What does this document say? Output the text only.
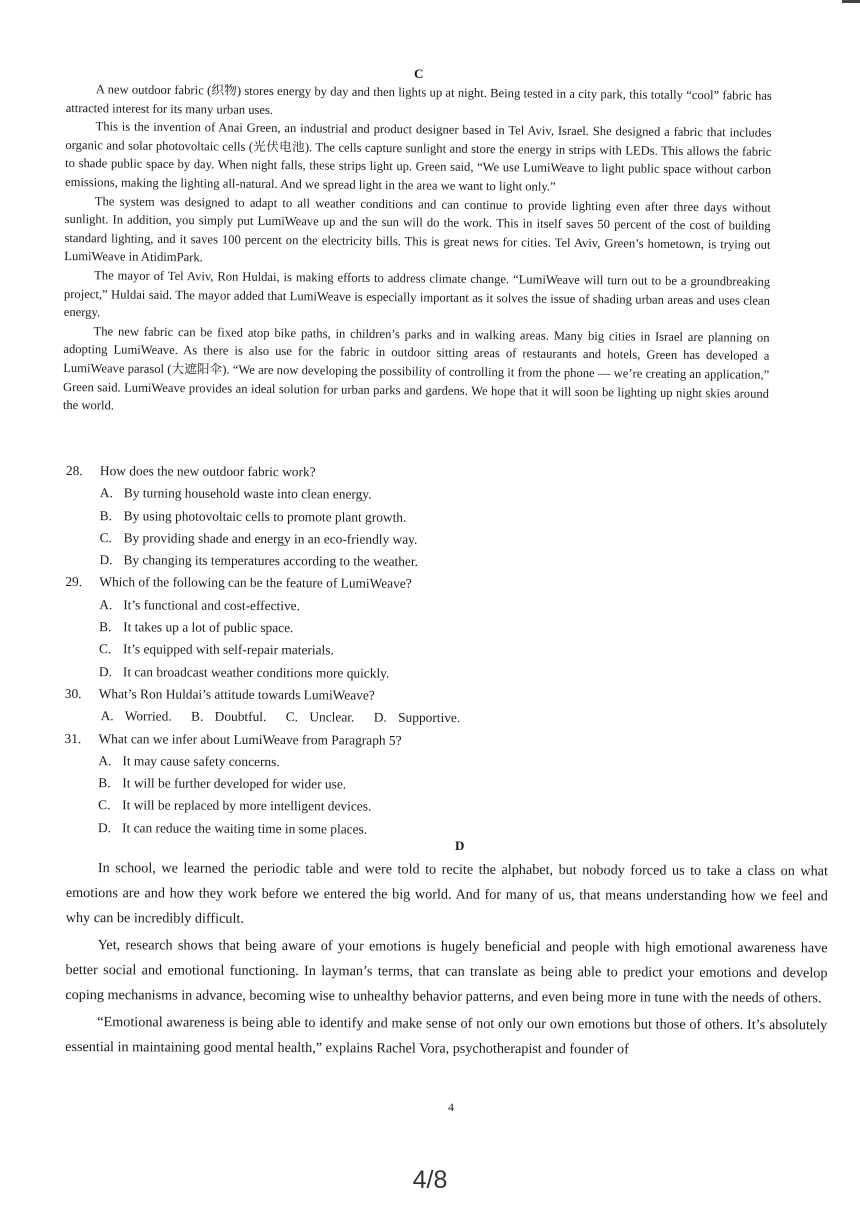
C

A new outdoor fabric (织物) stores energy by day and then lights up at night. Being tested in a city park, this totally “cool” fabric has attracted interest for its many urban uses.

This is the invention of Anai Green, an industrial and product designer based in Tel Aviv, Israel. She designed a fabric that includes organic and solar photovoltaic cells (光伏电池). The cells capture sunlight and store the energy in strips with LEDs. This allows the fabric to shade public space by day. When night falls, these strips light up. Green said, “We use LumiWeave to light public space without carbon emissions, making the lighting all-natural. And we spread light in the area we want to light only.”

The system was designed to adapt to all weather conditions and can continue to provide lighting even after three days without sunlight. In addition, you simply put LumiWeave up and the sun will do the work. This in itself saves 50 percent of the cost of building standard lighting, and it saves 100 percent on the electricity bills. This is great news for cities. Tel Aviv, Green’s hometown, is trying out LumiWeave in AtidimPark.

The mayor of Tel Aviv, Ron Huldai, is making efforts to address climate change. “LumiWeave will turn out to be a groundbreaking project,” Huldai said. The mayor added that LumiWeave is especially important as it solves the issue of shading urban areas and uses clean energy.

The new fabric can be fixed atop bike paths, in children’s parks and in walking areas. Many big cities in Israel are planning on adopting LumiWeave. As there is also use for the fabric in outdoor sitting areas of restaurants and hotels, Green has developed a LumiWeave parasol (大遮阳伞). “We are now developing the possibility of controlling it from the phone — we’re creating an application,” Green said. LumiWeave provides an ideal solution for urban parks and gardens. We hope that it will soon be lighting up night skies around the world.

28. How does the new outdoor fabric work?

A. By turning household waste into clean energy.

B. By using photovoltaic cells to promote plant growth.

C. By providing shade and energy in an eco-friendly way.

D. By changing its temperatures according to the weather.

29. Which of the following can be the feature of LumiWeave?

A. It’s functional and cost-effective.

B. It takes up a lot of public space.

C. It’s equipped with self-repair materials.

D. It can broadcast weather conditions more quickly.

30. What’s Ron Huldai’s attitude towards LumiWeave?

A. Worried. B. Doubtful. C. Unclear. D. Supportive.

31. What can we infer about LumiWeave from Paragraph 5?

A. It may cause safety concerns.

B. It will be further developed for wider use.

C. It will be replaced by more intelligent devices.

D. It can reduce the waiting time in some places.

D

In school, we learned the periodic table and were told to recite the alphabet, but nobody forced us to take a class on what emotions are and how they work before we entered the big world. And for many of us, that means understanding how we feel and why can be incredibly difficult.

Yet, research shows that being aware of your emotions is hugely beneficial and people with high emotional awareness have better social and emotional functioning. In layman’s terms, that can translate as being able to predict your emotions and develop coping mechanisms in advance, becoming wise to unhealthy behavior patterns, and even being more in tune with the needs of others.

“Emotional awareness is being able to identify and make sense of not only our own emotions but those of others. It’s absolutely essential in maintaining good mental health,” explains Rachel Vora, psychotherapist and founder of

4
4/8
